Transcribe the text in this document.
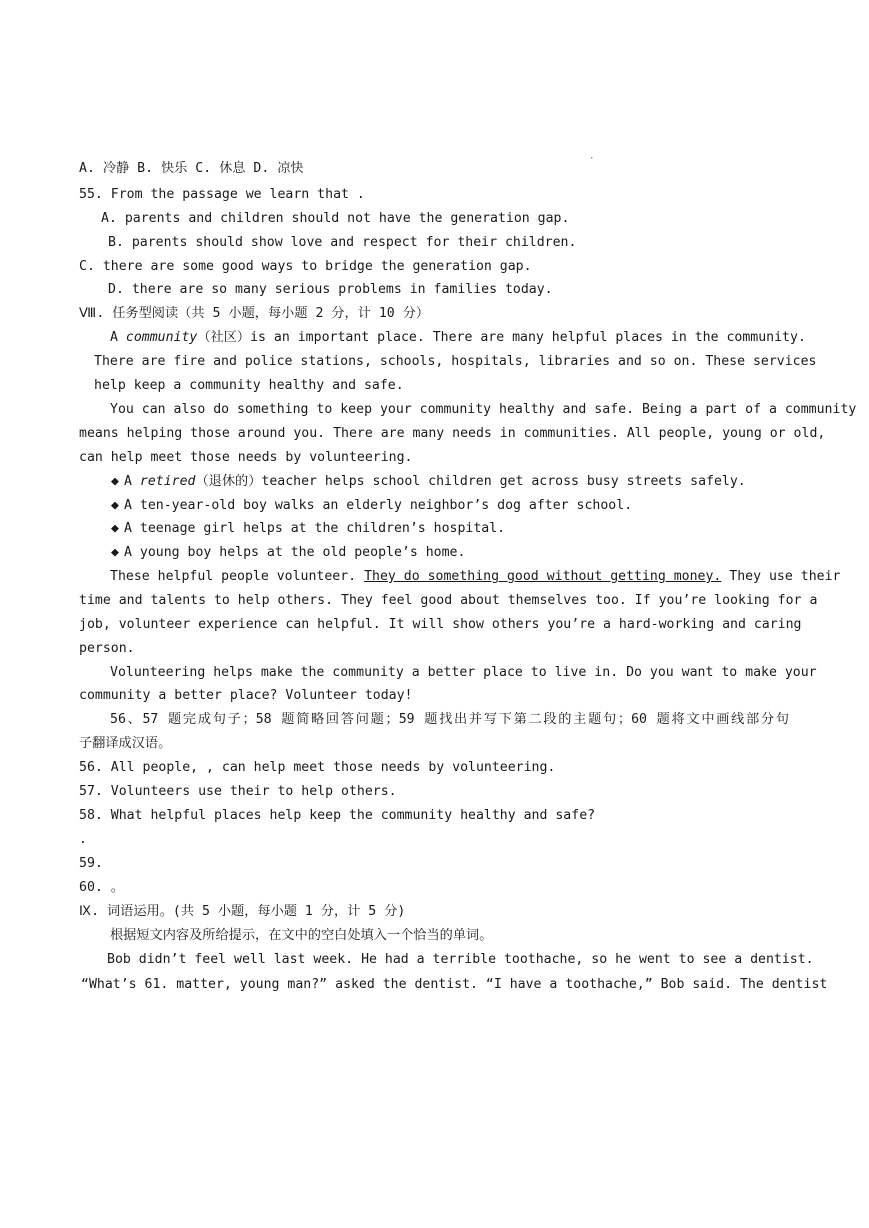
·
A. 冷静 B. 快乐 C. 休息 D. 凉快
55. From the passage we learn that .
A. parents and children should not have the generation gap.
B. parents should show love and respect for their children.
C. there are some good ways to bridge the generation gap.
D. there are so many serious problems in families today.
Ⅷ. 任务型阅读（共 5 小题，每小题 2 分，计 10 分）
A community（社区）is an important place. There are many helpful places in the community.
There are fire and police stations, schools, hospitals, libraries and so on. These services
help keep a community healthy and safe.
You can also do something to keep your community healthy and safe. Being a part of a community
means helping those around you. There are many needs in communities. All people, young or old,
can help meet those needs by volunteering.
◆ A retired（退休的）teacher helps school children get across busy streets safely.
◆ A ten-year-old boy walks an elderly neighbor’s dog after school.
◆ A teenage girl helps at the children’s hospital.
◆ A young boy helps at the old people’s home.
These helpful people volunteer. They do something good without getting money. They use their
time and talents to help others. They feel good about themselves too. If you’re looking for a
job, volunteer experience can helpful. It will show others you’re a hard-working and caring
person.
Volunteering helps make the community a better place to live in. Do you want to make your
community a better place? Volunteer today!
56、57 题完成句子；58 题简略回答问题；59 题找出并写下第二段的主题句；60 题将文中画线部分句
子翻译成汉语。
56. All people, , can help meet those needs by volunteering.
57. Volunteers use their to help others.
58. What helpful places help keep the community healthy and safe?
.
59.
60. 。
Ⅸ. 词语运用。(共 5 小题，每小题 1 分，计 5 分)
根据短文内容及所给提示，在文中的空白处填入一个恰当的单词。
Bob didn’t feel well last week. He had a terrible toothache, so he went to see a dentist.
“What’s 61. matter, young man?” asked the dentist. “I have a toothache,” Bob said. The dentist
